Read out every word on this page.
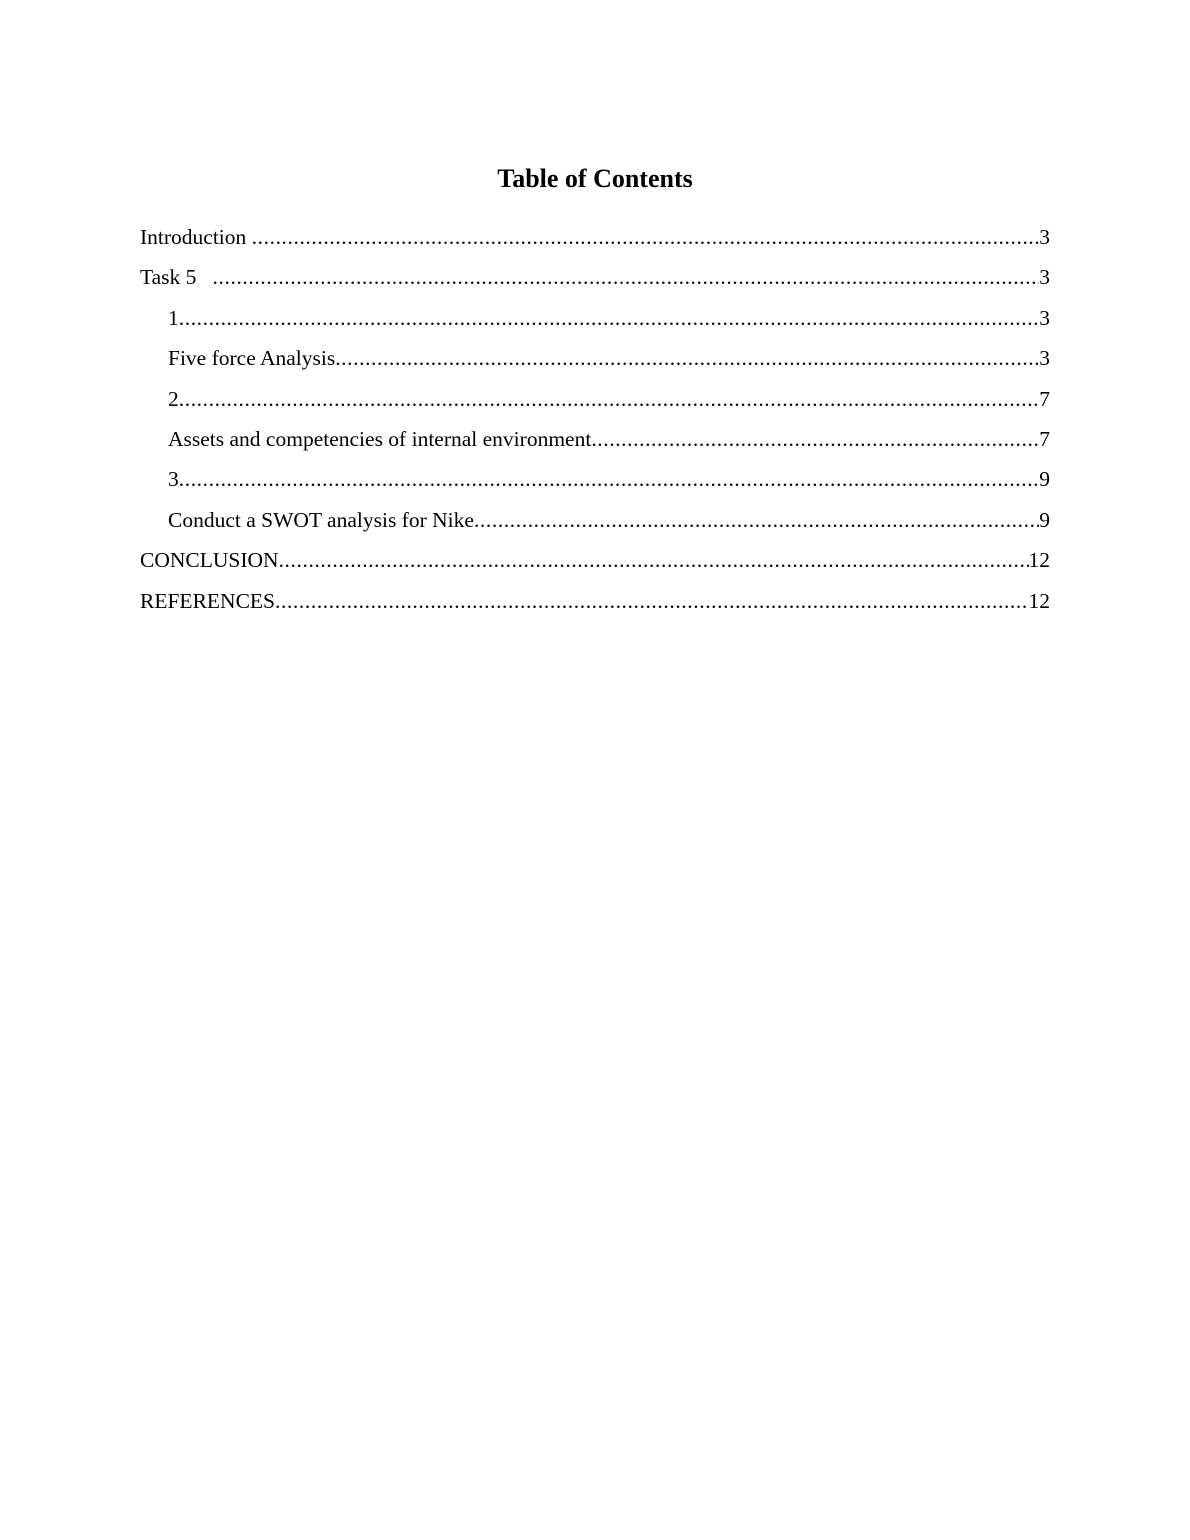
Table of Contents
Introduction .....	3
Task 5 .....	3
1 .....	3
Five force Analysis .....	3
2 .....	7
Assets and competencies of internal environment .....	7
3 .....	9
Conduct a SWOT analysis for Nike .....	9
CONCLUSION .....	12
REFERENCES .....	12
